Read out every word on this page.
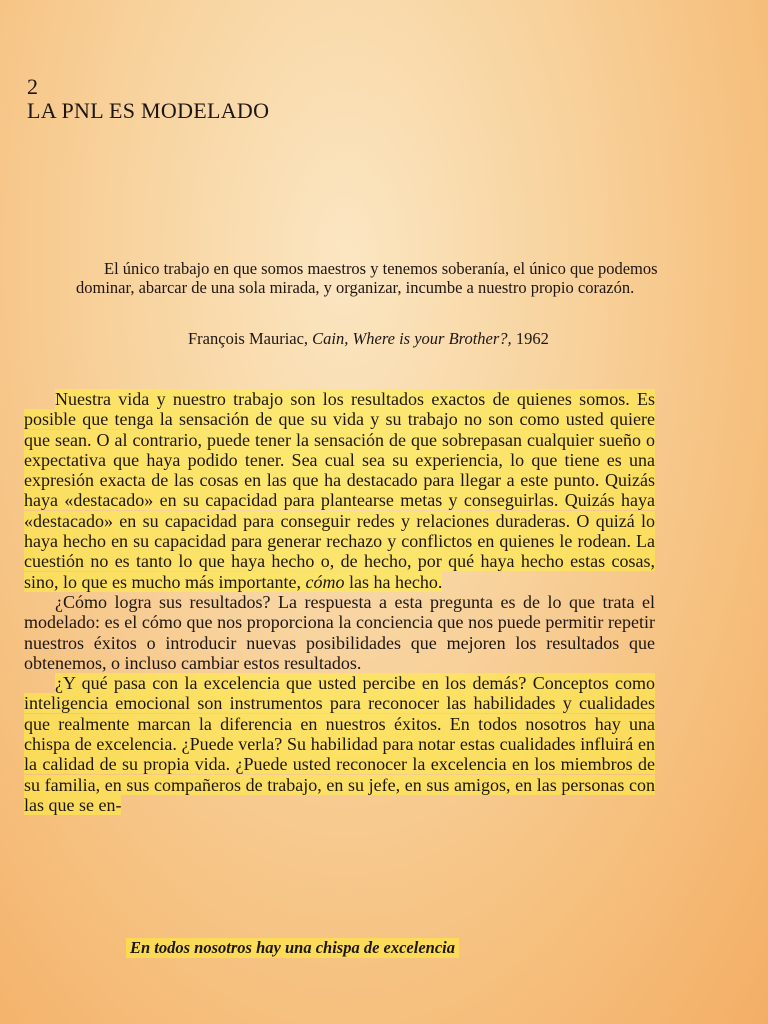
2
LA PNL ES MODELADO
El único trabajo en que somos maestros y tenemos soberanía, el único que podemos dominar, abarcar de una sola mirada, y organizar, incumbe a nuestro propio corazón.
François Mauriac, Cain, Where is your Brother?, 1962

Nuestra vida y nuestro trabajo son los resultados exactos de quienes somos. Es posible que tenga la sensación de que su vida y su trabajo no son como usted quiere que sean. O al contrario, puede tener la sensación de que sobrepasan cualquier sueño o expectativa que haya podido tener. Sea cual sea su experiencia, lo que tiene es una expresión exacta de las cosas en las que ha destacado para llegar a este punto. Quizás haya «destacado» en su capacidad para plantearse metas y conseguirlas. Quizás haya «destacado» en su capacidad para conseguir redes y relaciones duraderas. O quizá lo haya hecho en su capacidad para generar rechazo y conflictos en quienes le rodean. La cuestión no es tanto lo que haya hecho o, de hecho, por qué haya hecho estas cosas, sino, lo que es mucho más importante, cómo las ha hecho.

¿Cómo logra sus resultados? La respuesta a esta pregunta es de lo que trata el modelado: es el cómo que nos proporciona la conciencia que nos puede permitir repetir nuestros éxitos o introducir nuevas posibilidades que mejoren los resultados que obtenemos, o incluso cambiar estos resultados.

¿Y qué pasa con la excelencia que usted percibe en los demás? Conceptos como inteligencia emocional son instrumentos para reconocer las habilidades y cualidades que realmente marcan la diferencia en nuestros éxitos. En todos nosotros hay una chispa de excelencia. ¿Puede verla? Su habilidad para notar estas cualidades influirá en la calidad de su propia vida. ¿Puede usted reconocer la excelencia en los miembros de su familia, en sus compañeros de trabajo, en su jefe, en sus amigos, en las personas con las que se en-

En todos nosotros hay una chispa de excelencia
